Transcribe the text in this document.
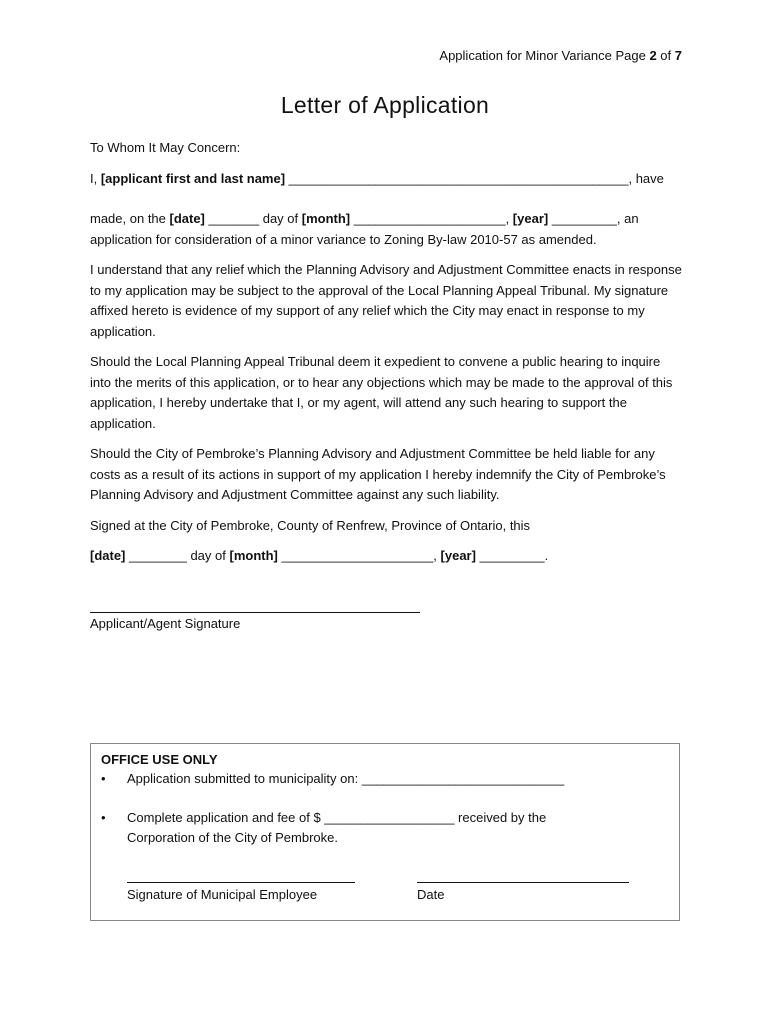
Application for Minor Variance Page 2 of 7
Letter of Application

To Whom It May Concern:

I, [applicant first and last name] _______________________________________________, have

made, on the [date] _______ day of [month] _____________________, [year] _________, an
application for consideration of a minor variance to Zoning By-law 2010-57 as amended.

I understand that any relief which the Planning Advisory and Adjustment Committee enacts in response to my application may be subject to the approval of the Local Planning Appeal Tribunal. My signature affixed hereto is evidence of my support of any relief which the City may enact in response to my application.

Should the Local Planning Appeal Tribunal deem it expedient to convene a public hearing to inquire into the merits of this application, or to hear any objections which may be made to the approval of this application, I hereby undertake that I, or my agent, will attend any such hearing to support the application.

Should the City of Pembroke’s Planning Advisory and Adjustment Committee be held liable for any costs as a result of its actions in support of my application I hereby indemnify the City of Pembroke’s Planning Advisory and Adjustment Committee against any such liability.

Signed at the City of Pembroke, County of Renfrew, Province of Ontario, this

[date] ________ day of [month] _____________________, [year] _________.

Applicant/Agent Signature
OFFICE USE ONLY
•	Application submitted to municipality on: ____________________________
•	Complete application and fee of $ __________________ received by the
Corporation of the City of Pembroke.
Signature of Municipal Employee	Date
